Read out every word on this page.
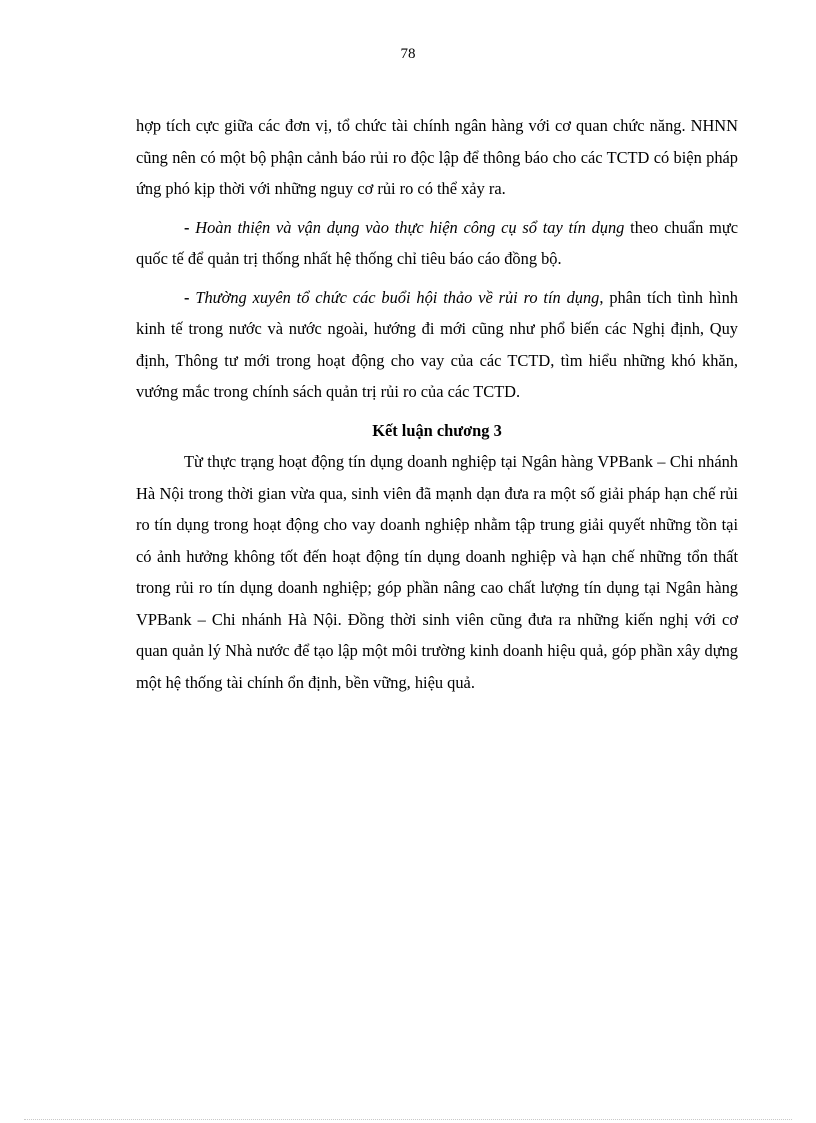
78

hợp tích cực giữa các đơn vị, tổ chức tài chính ngân hàng với cơ quan chức năng. NHNN cũng nên có một bộ phận cảnh báo rủi ro độc lập để thông báo cho các TCTD có biện pháp ứng phó kịp thời với những nguy cơ rủi ro có thể xảy ra.

- Hoàn thiện và vận dụng vào thực hiện công cụ sổ tay tín dụng theo chuẩn mực quốc tế để quản trị thống nhất hệ thống chỉ tiêu báo cáo đồng bộ.

- Thường xuyên tổ chức các buổi hội thảo về rủi ro tín dụng, phân tích tình hình kinh tế trong nước và nước ngoài, hướng đi mới cũng như phổ biến các Nghị định, Quy định, Thông tư mới trong hoạt động cho vay của các TCTD, tìm hiểu những khó khăn, vướng mắc trong chính sách quản trị rủi ro của các TCTD.

Kết luận chương 3

Từ thực trạng hoạt động tín dụng doanh nghiệp tại Ngân hàng VPBank – Chi nhánh Hà Nội trong thời gian vừa qua, sinh viên đã mạnh dạn đưa ra một số giải pháp hạn chế rủi ro tín dụng trong hoạt động cho vay doanh nghiệp nhằm tập trung giải quyết những tồn tại có ảnh hưởng không tốt đến hoạt động tín dụng doanh nghiệp và hạn chế những tổn thất trong rủi ro tín dụng doanh nghiệp; góp phần nâng cao chất lượng tín dụng tại Ngân hàng VPBank – Chi nhánh Hà Nội. Đồng thời sinh viên cũng đưa ra những kiến nghị với cơ quan quản lý Nhà nước để tạo lập một môi trường kinh doanh hiệu quả, góp phần xây dựng một hệ thống tài chính ổn định, bền vững, hiệu quả.
